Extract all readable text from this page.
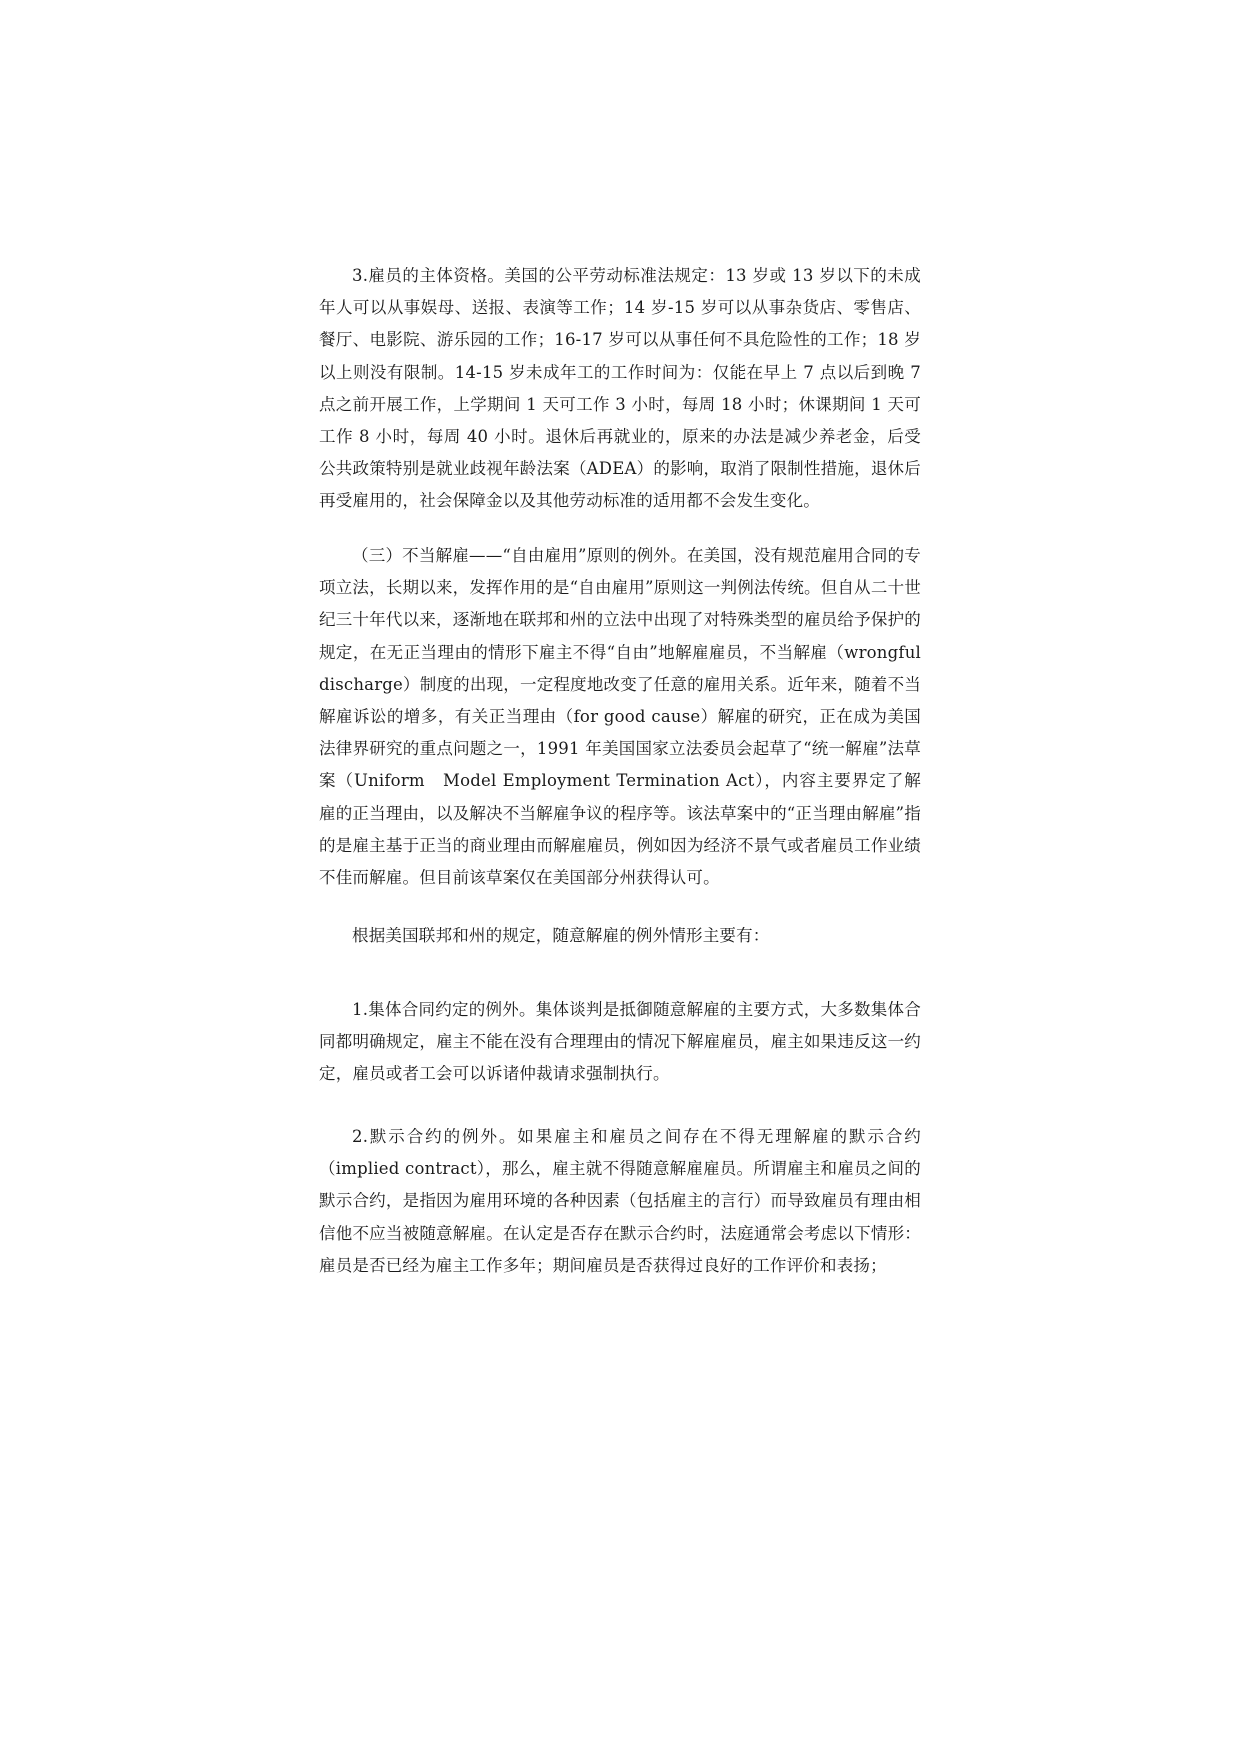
3.雇员的主体资格。美国的公平劳动标准法规定：13 岁或 13 岁以下的未成年人可以从事娱母、送报、表演等工作；14 岁-15 岁可以从事杂货店、零售店、餐厅、电影院、游乐园的工作；16-17 岁可以从事任何不具危险性的工作；18 岁以上则没有限制。14-15 岁未成年工的工作时间为：仅能在早上 7 点以后到晚 7 点之前开展工作，上学期间 1 天可工作 3 小时，每周 18 小时；休课期间 1 天可工作 8 小时，每周 40 小时。退休后再就业的，原来的办法是减少养老金，后受公共政策特别是就业歧视年龄法案（ADEA）的影响，取消了限制性措施，退休后再受雇用的，社会保障金以及其他劳动标准的适用都不会发生变化。

（三）不当解雇——“自由雇用”原则的例外。在美国，没有规范雇用合同的专项立法，长期以来，发挥作用的是“自由雇用”原则这一判例法传统。但自从二十世纪三十年代以来，逐渐地在联邦和州的立法中出现了对特殊类型的雇员给予保护的规定，在无正当理由的情形下雇主不得“自由”地解雇雇员，不当解雇（wrongful discharge）制度的出现，一定程度地改变了任意的雇用关系。近年来，随着不当解雇诉讼的增多，有关正当理由（for good cause）解雇的研究，正在成为美国法律界研究的重点问题之一，1991 年美国国家立法委员会起草了“统一解雇”法草案（Uniform　Model Employment Termination Act），内容主要界定了解雇的正当理由，以及解决不当解雇争议的程序等。该法草案中的“正当理由解雇”指的是雇主基于正当的商业理由而解雇雇员，例如因为经济不景气或者雇员工作业绩不佳而解雇。但目前该草案仅在美国部分州获得认可。

根据美国联邦和州的规定，随意解雇的例外情形主要有：

1.集体合同约定的例外。集体谈判是抵御随意解雇的主要方式，大多数集体合同都明确规定，雇主不能在没有合理理由的情况下解雇雇员，雇主如果违反这一约定，雇员或者工会可以诉诸仲裁请求强制执行。

2.默示合约的例外。如果雇主和雇员之间存在不得无理解雇的默示合约（implied contract），那么，雇主就不得随意解雇雇员。所谓雇主和雇员之间的默示合约，是指因为雇用环境的各种因素（包括雇主的言行）而导致雇员有理由相信他不应当被随意解雇。在认定是否存在默示合约时，法庭通常会考虑以下情形：雇员是否已经为雇主工作多年；期间雇员是否获得过良好的工作评价和表扬；
